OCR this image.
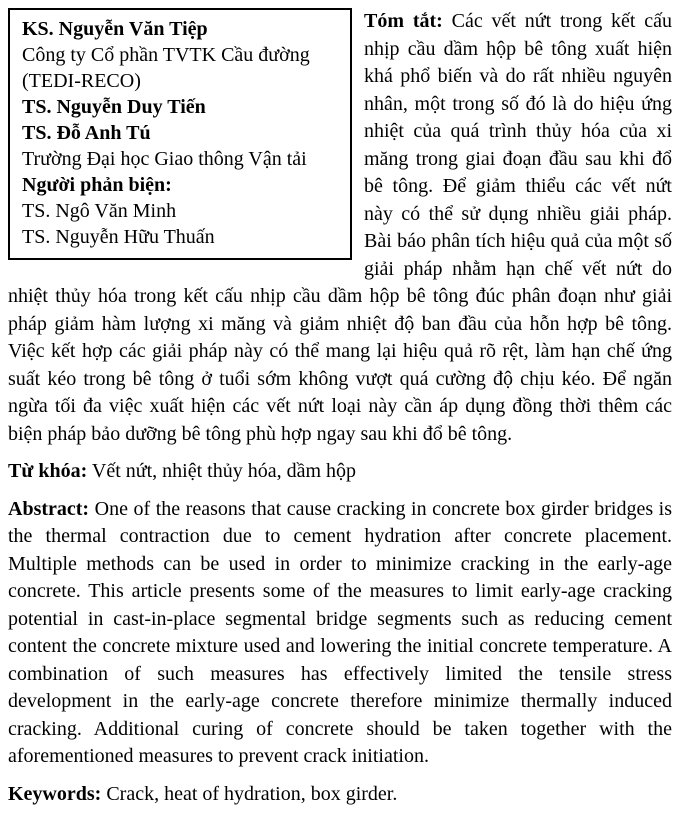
KS. Nguyễn Văn Tiệp
Công ty Cổ phần TVTK Cầu đường (TEDI-RECO)
TS. Nguyễn Duy Tiến
TS. Đỗ Anh Tú
Trường Đại học Giao thông Vận tải
Người phản biện:
TS. Ngô Văn Minh
TS. Nguyễn Hữu Thuấn

Tóm tắt: Các vết nứt trong kết cấu nhịp cầu dầm hộp bê tông xuất hiện khá phổ biến và do rất nhiều nguyên nhân, một trong số đó là do hiệu ứng nhiệt của quá trình thủy hóa của xi măng trong giai đoạn đầu sau khi đổ bê tông. Để giảm thiểu các vết nứt này có thể sử dụng nhiều giải pháp. Bài báo phân tích hiệu quả của một số giải pháp nhằm hạn chế vết nứt do nhiệt thủy hóa trong kết cấu nhịp cầu dầm hộp bê tông đúc phân đoạn như giải pháp giảm hàm lượng xi măng và giảm nhiệt độ ban đầu của hỗn hợp bê tông. Việc kết hợp các giải pháp này có thể mang lại hiệu quả rõ rệt, làm hạn chế ứng suất kéo trong bê tông ở tuổi sớm không vượt quá cường độ chịu kéo. Để ngăn ngừa tối đa việc xuất hiện các vết nứt loại này cần áp dụng đồng thời thêm các biện pháp bảo dưỡng bê tông phù hợp ngay sau khi đổ bê tông.

Từ khóa: Vết nứt, nhiệt thủy hóa, dầm hộp

Abstract: One of the reasons that cause cracking in concrete box girder bridges is the thermal contraction due to cement hydration after concrete placement. Multiple methods can be used in order to minimize cracking in the early-age concrete. This article presents some of the measures to limit early-age cracking potential in cast-in-place segmental bridge segments such as reducing cement content the concrete mixture used and lowering the initial concrete temperature. A combination of such measures has effectively limited the tensile stress development in the early-age concrete therefore minimize thermally induced cracking. Additional curing of concrete should be taken together with the aforementioned measures to prevent crack initiation.

Keywords: Crack, heat of hydration, box girder.
